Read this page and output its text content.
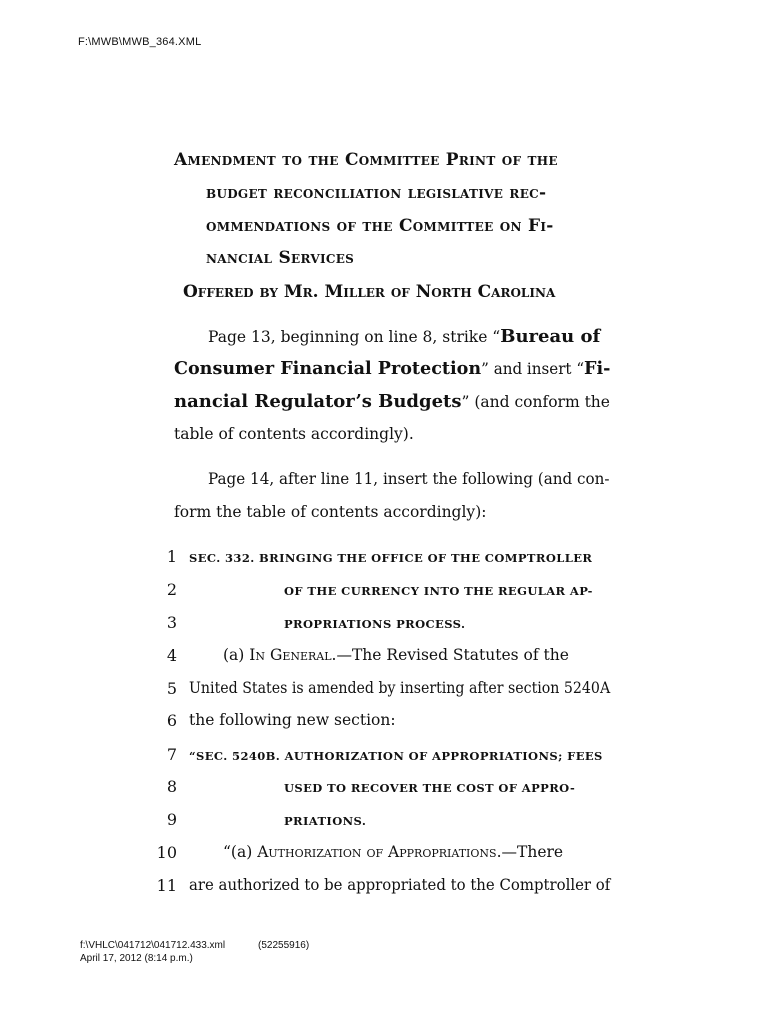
F:\MWB\MWB_364.XML
Amendment to the Committee Print of the
budget reconciliation legislative rec-
ommendations of the Committee on Fi-
nancial Services
Offered by Mr. Miller of North Carolina
Page 13, beginning on line 8, strike “Bureau of
Consumer Financial Protection” and insert “Fi-
nancial Regulator’s Budgets” (and conform the
table of contents accordingly).
Page 14, after line 11, insert the following (and con-
form the table of contents accordingly):
1 SEC. 332. BRINGING THE OFFICE OF THE COMPTROLLER
2	OF THE CURRENCY INTO THE REGULAR AP-
3	PROPRIATIONS PROCESS.
4	(a) In General.—The Revised Statutes of the
5 United States is amended by inserting after section 5240A
6 the following new section:
7 “SEC. 5240B. AUTHORIZATION OF APPROPRIATIONS; FEES
8	USED TO RECOVER THE COST OF APPRO-
9	PRIATIONS.
10	“(a) Authorization of Appropriations.—There
11 are authorized to be appropriated to the Comptroller of
f:\VHLC\041712\041712.433.xml	(52255916)
April 17, 2012 (8:14 p.m.)
